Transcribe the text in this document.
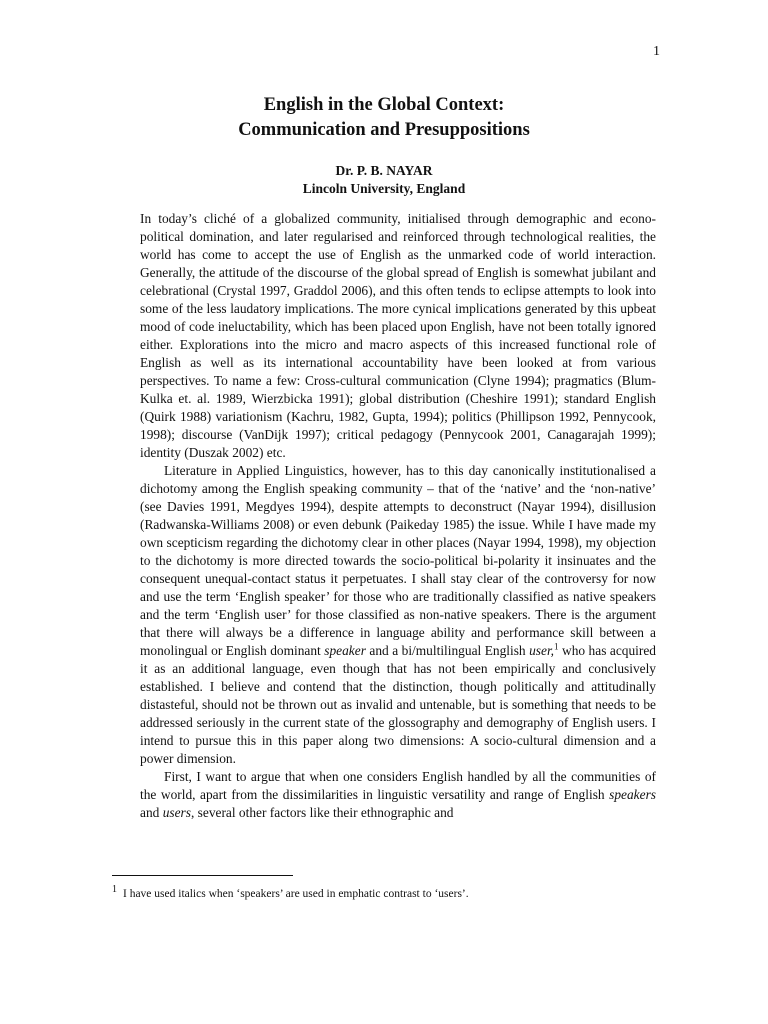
1
English in the Global Context:
Communication and Presuppositions
Dr. P. B. NAYAR
Lincoln University, England

In today’s cliché of a globalized community, initialised through demographic and econo-political domination, and later regularised and reinforced through technological realities, the world has come to accept the use of English as the unmarked code of world interaction. Generally, the attitude of the discourse of the global spread of English is somewhat jubilant and celebrational (Crystal 1997, Graddol 2006), and this often tends to eclipse attempts to look into some of the less laudatory implications. The more cynical implications generated by this upbeat mood of code ineluctability, which has been placed upon English, have not been totally ignored either. Explorations into the micro and macro aspects of this increased functional role of English as well as its international accountability have been looked at from various perspectives. To name a few: Cross-cultural communication (Clyne 1994); pragmatics (Blum-Kulka et. al. 1989, Wierzbicka 1991); global distribution (Cheshire 1991); standard English (Quirk 1988) variationism (Kachru, 1982, Gupta, 1994); politics (Phillipson 1992, Pennycook, 1998); discourse (VanDijk 1997); critical pedagogy (Pennycook 2001, Canagarajah 1999); identity (Duszak 2002) etc.

Literature in Applied Linguistics, however, has to this day canonically institutionalised a dichotomy among the English speaking community – that of the ‘native’ and the ‘non-native’ (see Davies 1991, Megdyes 1994), despite attempts to deconstruct (Nayar 1994), disillusion (Radwanska-Williams 2008) or even debunk (Paikeday 1985) the issue. While I have made my own scepticism regarding the dichotomy clear in other places (Nayar 1994, 1998), my objection to the dichotomy is more directed towards the socio-political bi-polarity it insinuates and the consequent unequal-contact status it perpetuates. I shall stay clear of the controversy for now and use the term ‘English speaker’ for those who are traditionally classified as native speakers and the term ‘English user’ for those classified as non-native speakers. There is the argument that there will always be a difference in language ability and performance skill between a monolingual or English dominant speaker and a bi/multilingual English user,$^1$ who has acquired it as an additional language, even though that has not been empirically and conclusively established. I believe and contend that the distinction, though politically and attitudinally distasteful, should not be thrown out as invalid and untenable, but is something that needs to be addressed seriously in the current state of the glossography and demography of English users. I intend to pursue this in this paper along two dimensions: A socio-cultural dimension and a power dimension.

First, I want to argue that when one considers English handled by all the communities of the world, apart from the dissimilarities in linguistic versatility and range of English speakers and users, several other factors like their ethnographic and

1 I have used italics when ‘speakers’ are used in emphatic contrast to ‘users’.
